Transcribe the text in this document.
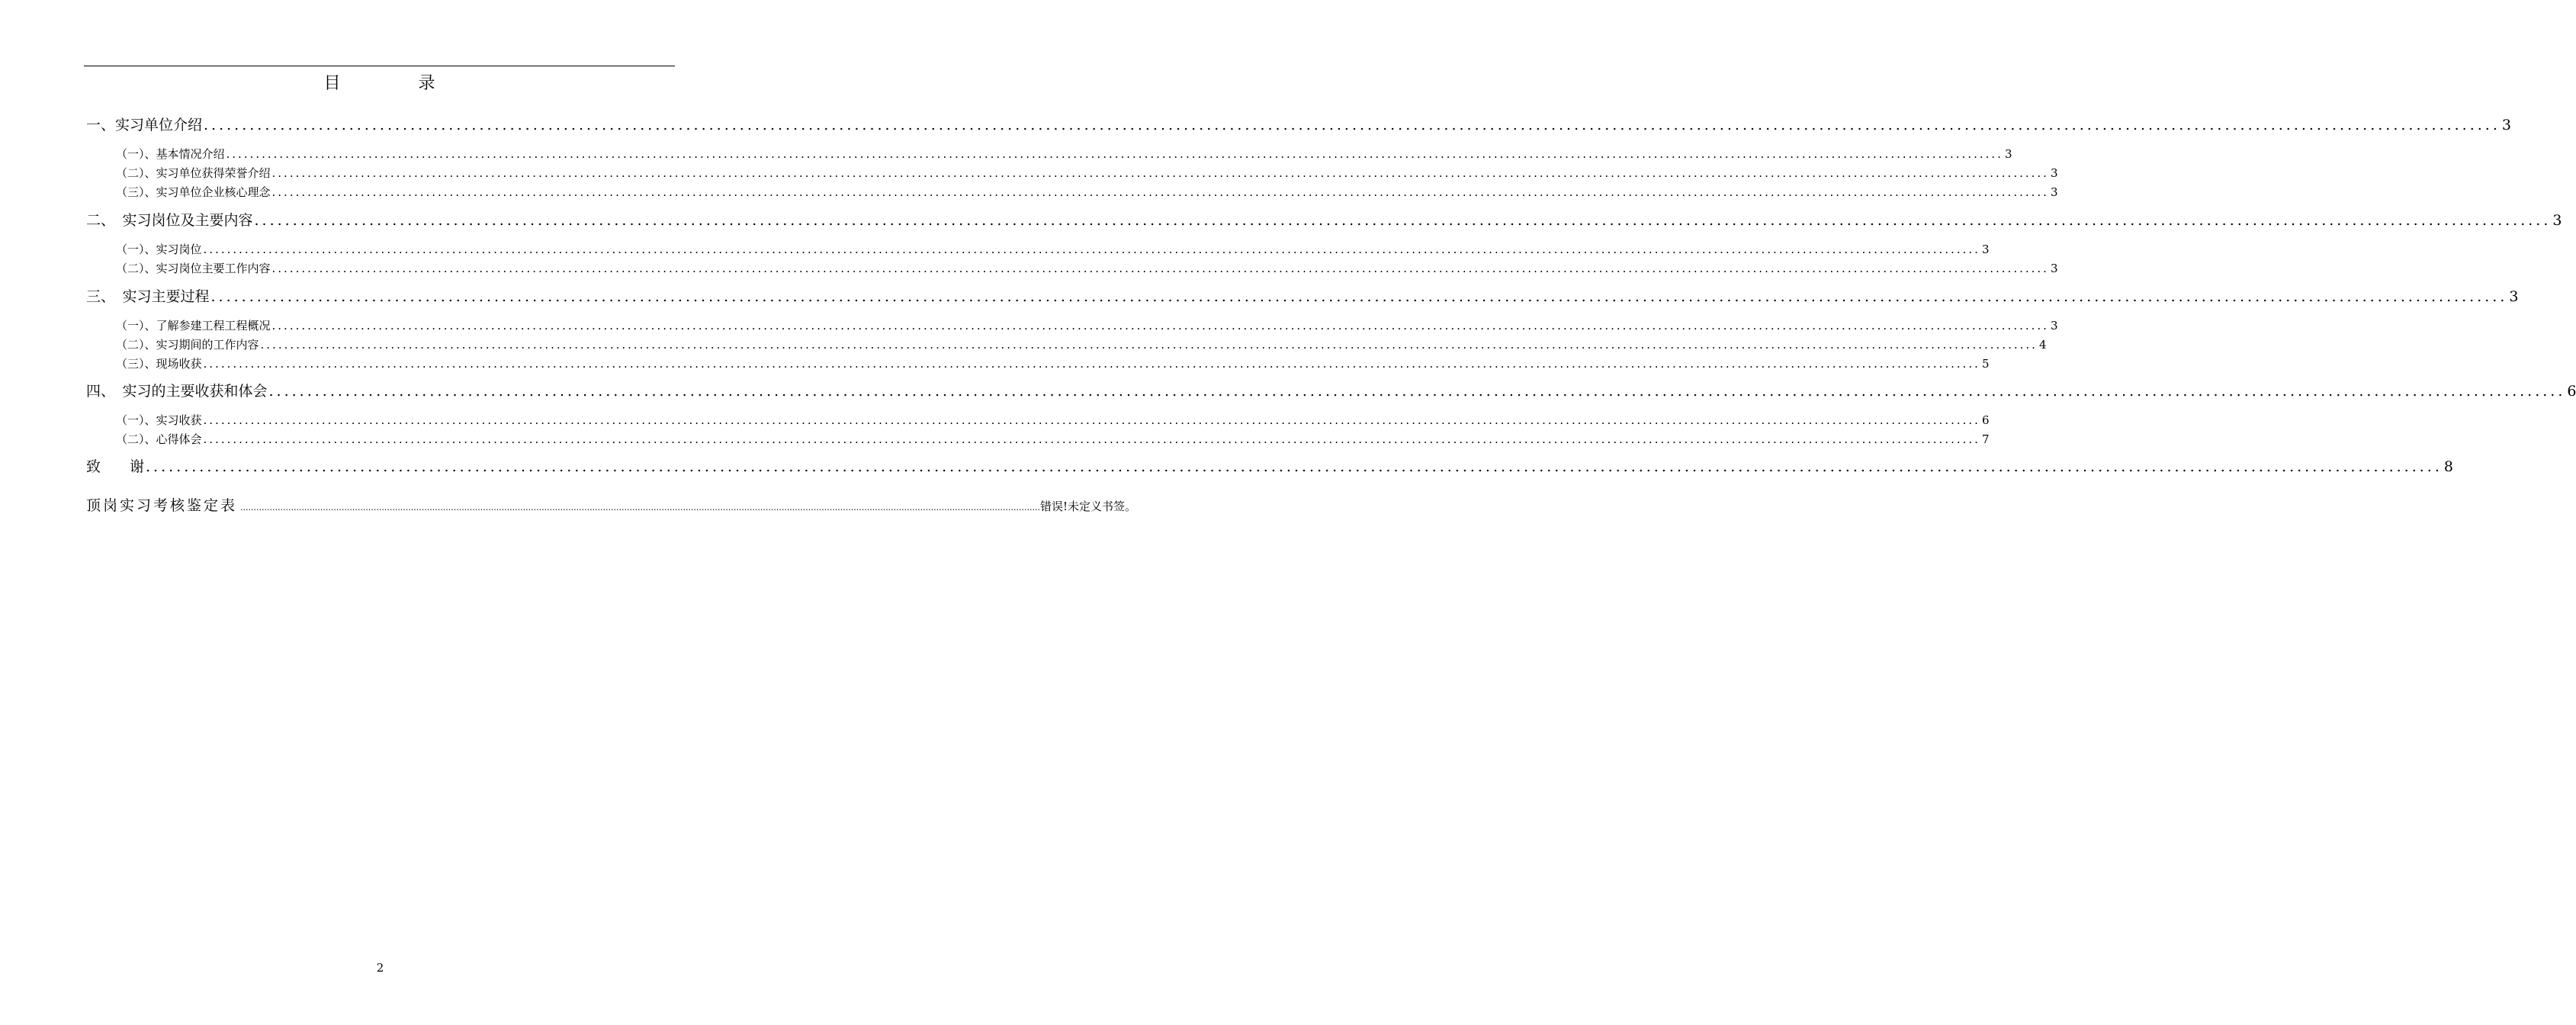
目　录
一、实习单位介绍 ............................................................................................................................................................................................................................................................................................................ 3
（一）、基本情况介绍 ............................................................................................................................................................................................................................................................................................................ 3
（二）、实习单位获得荣誉介绍 ............................................................................................................................................................................................................................................................................................................ 3
（三）、实习单位企业核心理念 ............................................................................................................................................................................................................................................................................................................ 3
二、　实习岗位及主要内容 ............................................................................................................................................................................................................................................................................................................ 3
（一）、实习岗位 ............................................................................................................................................................................................................................................................................................................ 3
（二）、实习岗位主要工作内容 ............................................................................................................................................................................................................................................................................................................ 3
三、　实习主要过程 ............................................................................................................................................................................................................................................................................................................ 3
（一）、了解参建工程工程概况 ............................................................................................................................................................................................................................................................................................................ 3
（二）、实习期间的工作内容 ............................................................................................................................................................................................................................................................................................................ 4
（三）、现场收获 ............................................................................................................................................................................................................................................................................................................ 5
四、　实习的主要收获和体会 ............................................................................................................................................................................................................................................................................................................ 6
（一）、实习收获 ............................................................................................................................................................................................................................................................................................................ 6
（二）、心得体会 ............................................................................................................................................................................................................................................................................................................ 7
致　　谢 ............................................................................................................................................................................................................................................................................................................ 8
顶岗实习考核鉴定表 ............................................................................................................................................................................................................................................................................................................ 错误!未定义书签。
2
